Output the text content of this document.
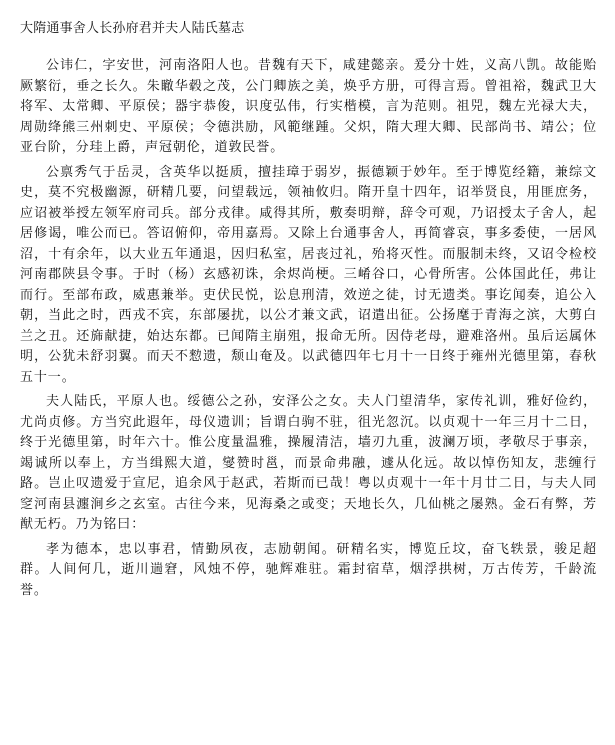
大隋通事舍人长孙府君并夫人陆氏墓志

公讳仁，字安世，河南洛阳人也。昔魏有天下，咸建懿亲。爰分十姓，义高八凯。故能贻厥繁衍，垂之长久。朱瞮华毂之茂，公门卿族之美，焕乎方册，可得言焉。曾祖裕，魏武卫大将军、太常卿、平原侯；器宇恭俊，识度弘伟，行实楷模，言为范则。祖兕，魏左光禄大夫，周勋绛熊三州刺史、平原侯；令德洪励，风範继踵。父炽，隋大理大卿、民部尚书、靖公；位亚台阶，分珪上爵，声冠朝伦，道敦民誉。

公禀秀气于岳灵，含英华以挺质，擅挂璋于弱岁，振德颖于妙年。至于博览经籍，兼综文史，莫不究极幽源，研精几要，问望载远，领袖攸归。隋开皇十四年，诏举贤良，用匪庶务，应诏被举授左领军府司兵。部分戎律。咸得其所，敷奏明辩，辞令可观，乃诏授太子舍人，起居修谒，唯公而已。答诏俯仰，帝用嘉焉。又除上台通事舍人，再简睿哀，事多委使，一居风沼，十有余年，以大业五年通退，因归私室，居丧过礼，殆将灭性。而服制未终，又诏令检校河南郡陕县令事。于时（杨）玄感初诛，余烬尚梗。三崤谷口，心骨所害。公体国此任，弗让而行。至部布政，威惠兼举。吏伏民悦，讼息刑清，效逆之徒，讨无遗类。事讫闻奏，追公入朝，当此之时，西戎不宾，东部屡扰，以公才兼文武，诏遣出征。公扬麾于青海之滨，大剪白兰之丑。还旆献捷，始达东都。已闻隋主崩殂，报命无所。因侍老母，避难洛州。虽后运属休明，公犹未舒羽翼。而天不愸遗，颓山奄及。以武德四年七月十一日终于雍州光德里第，春秋五十一。

夫人陆氏，平原人也。绥德公之孙，安泽公之女。夫人门望清华，家传礼训，雅好俭约，尤尚贞修。方当究此遐年，母仪遗训；旨谓白驹不驻，徂光忽沉。以贞观十一年三月十二日，终于光德里第，时年六十。惟公度量温雅，操履清洁，墙刃九重，波澜万顷，孝敬尽于事亲，竭诚所以奉上，方当缉熙大道，燮赞时邕，而景命弗融，遽从化远。故以悼伤知友，悲缠行路。岂止叹遗爱于宣尼，追余风于赵武，若斯而已哉！粤以贞观十一年十月廿二日，与夫人同窆河南县瀍涧乡之玄室。古往今来，见海桑之或变；天地长久，几仙桃之屡熟。金石有弊，芳猷无朽。乃为铭曰：

孝为德本，忠以事君，情勤夙夜，志励朝闻。研精名实，博览丘坟，奋飞轶景，骏足超群。人间何几，逝川遄窘，风烛不停，驰辉难驻。霜封宿草，烟浮拱树，万古传芳，千龄流誉。
